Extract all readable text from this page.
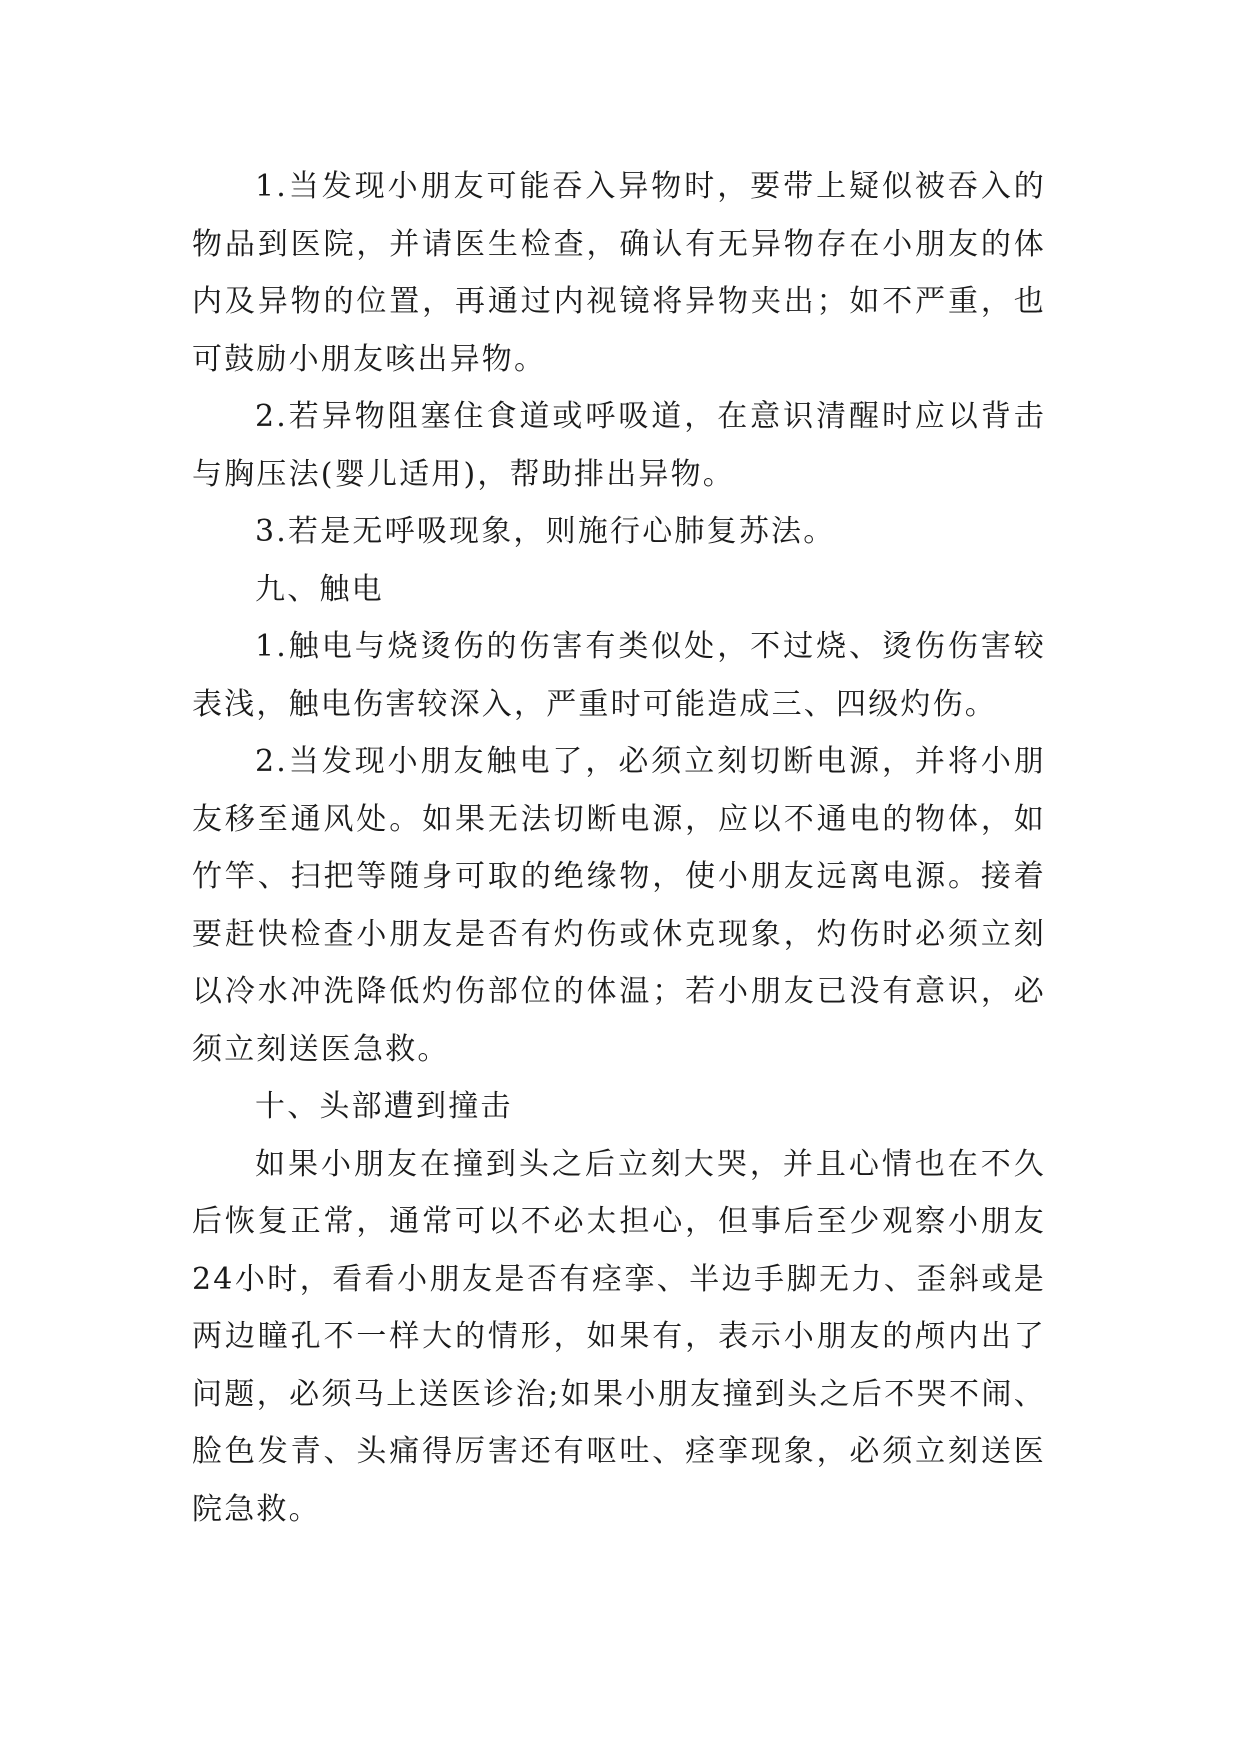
1.当发现小朋友可能吞入异物时，要带上疑似被吞入的物品到医院，并请医生检查，确认有无异物存在小朋友的体内及异物的位置，再通过内视镜将异物夹出；如不严重，也可鼓励小朋友咳出异物。

2.若异物阻塞住食道或呼吸道，在意识清醒时应以背击与胸压法(婴儿适用)，帮助排出异物。

3.若是无呼吸现象，则施行心肺复苏法。

九、触电

1.触电与烧烫伤的伤害有类似处，不过烧、烫伤伤害较表浅，触电伤害较深入，严重时可能造成三、四级灼伤。

2.当发现小朋友触电了，必须立刻切断电源，并将小朋友移至通风处。如果无法切断电源，应以不通电的物体，如竹竿、扫把等随身可取的绝缘物，使小朋友远离电源。接着要赶快检查小朋友是否有灼伤或休克现象，灼伤时必须立刻以冷水冲洗降低灼伤部位的体温；若小朋友已没有意识，必须立刻送医急救。

十、头部遭到撞击

如果小朋友在撞到头之后立刻大哭，并且心情也在不久后恢复正常，通常可以不必太担心，但事后至少观察小朋友24小时，看看小朋友是否有痉挛、半边手脚无力、歪斜或是两边瞳孔不一样大的情形，如果有，表示小朋友的颅内出了问题，必须马上送医诊治;如果小朋友撞到头之后不哭不闹、脸色发青、头痛得厉害还有呕吐、痉挛现象，必须立刻送医院急救。
